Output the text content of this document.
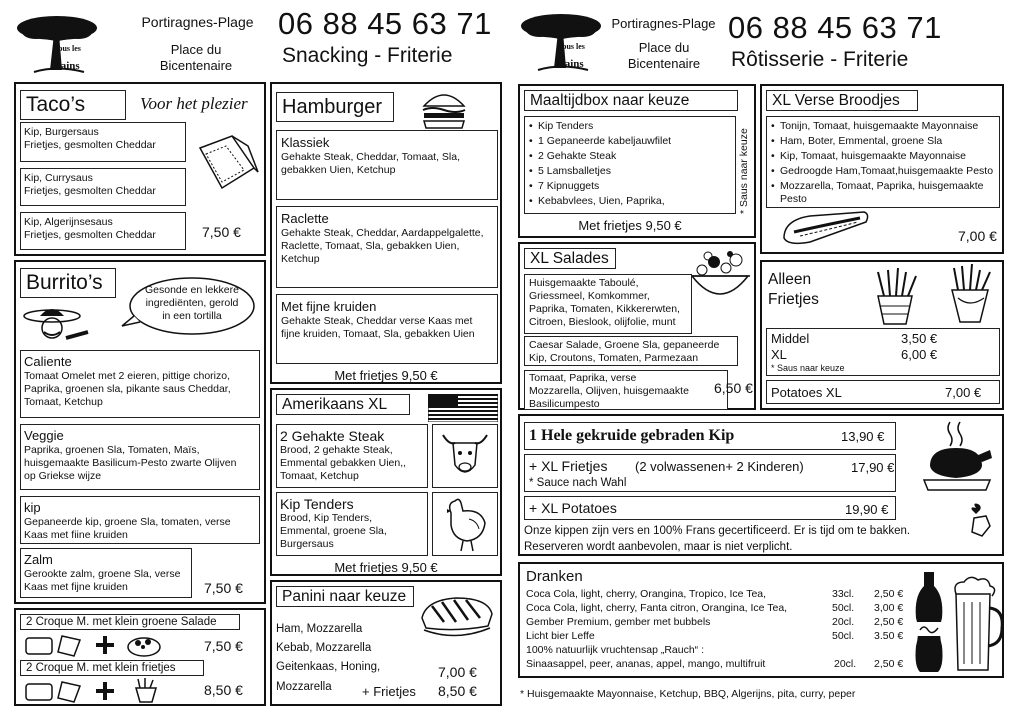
Sous les
Pains
Portiragnes-Plage
Place du
Bicentenaire
06 88 45 63 71
Snacking - Friterie	Sous les
Pains
Portiragnes-Plage
Place du
Bicentenaire
06 88 45 63 71
Rôtisserie - Friterie
Taco’s	Voor het plezier
Kip, Burgersaus
Frietjes, gesmolten Cheddar
Kip, Currysaus
Frietjes, gesmolten Cheddar
Kip, Algerijnsesaus
Frietjes, gesmolten Cheddar	7,50 €
Burrito’s	Gesonde en lekkere
ingrediënten, gerold
in een tortilla
Caliente
Tomaat Omelet met 2 eieren, pittige chorizo,
Paprika, groenen sla, pikante saus Cheddar,
Tomaat, Ketchup
Veggie
Paprika, groenen Sla, Tomaten, Maïs,
huisgemaakte Basilicum-Pesto zwarte Olijven
op Griekse wijze
kip
Gepaneerde kip, groene Sla, tomaten, verse
Kaas met fiine kruiden
Zalm
Gerookte zalm, groene Sla, verse
Kaas met fijne kruiden	7,50 €
2 Croque M. met klein groene Salade
7,50 €
2 Croque M. met klein frietjes
8,50 €
Hamburger
Klassiek
Gehakte Steak, Cheddar, Tomaat, Sla,
gebakken Uien, Ketchup
Raclette
Gehakte Steak, Cheddar, Aardappelgalette,
Raclette, Tomaat, Sla, gebakken Uien,
Ketchup
Met fijne kruiden
Gehakte Steak, Cheddar verse Kaas met
fijne kruiden, Tomaat, Sla, gebakken Uien
Met frietjes 9,50 €
Amerikaans XL
2 Gehakte Steak
Brood, 2 gehakte Steak,
Emmental gebakken Uien,,
Tomaat, Ketchup
Kip Tenders
Brood, Kip Tenders,
Emmental, groene Sla,
Burgersaus
Met frietjes 9,50 €
Panini naar keuze
Ham, Mozzarella
Kebab, Mozzarella
Geitenkaas, Honing,
Mozzarella
7,00 €
+ Frietjes 8,50 €
Maaltijdbox naar keuze
• Kip Tenders
• 1 Gepaneerde kabeljauwfilet
• 2 Gehakte Steak
• 5 Lamsballetjes
• 7 Kipnuggets
• Kebabvlees, Uien, Paprika,	* Saus naar keuze
Met frietjes 9,50 €
XL Verse Broodjes
• Tonijn, Tomaat, huisgemaakte Mayonnaise
• Ham, Boter, Emmental, groene Sla
• Kip, Tomaat, huisgemaakte Mayonnaise
• Gedroogde Ham,Tomaat,huisgemaakte Pesto
• Mozzarella, Tomaat, Paprika, huisgemaakte
Pesto
7,00 €
XL Salades
Huisgemaakte Taboulé,
Griessmeel, Komkommer,
Paprika, Tomaten, Kikkererwten,
Citroen, Bieslook, olijfolie, munt
Caesar Salade, Groene Sla, gepaneerde
Kip, Croutons, Tomaten, Parmezaan
Tomaat, Paprika, verse
Mozzarella, Olijven, huisgemaakte
Basilicumpesto
6,50 €
Alleen
Frietjes
Middel	3,50 €
XL	6,00 €
* Saus naar keuze
Potatoes XL	7,00 €
1 Hele gekruide gebraden Kip	13,90 €
+ XL Frietjes (2 volwassenen+ 2 Kinderen)
* Sauce nach Wahl
17,90 €
+ XL Potatoes	19,90 €
Onze kippen zijn vers en 100% Frans gecertificeerd. Er is tijd om te bakken.
Reserveren wordt aanbevolen, maar is niet verplicht.
Dranken
Coca Cola, light, cherry, Orangina, Tropico, Ice Tea,	33cl. 2,50 €
Coca Cola, light, cherry, Fanta citron, Orangina, Ice Tea,	50cl. 3,00 €
Gember Premium, gember met bubbels	20cl. 2,50 €
Licht bier Leffe	50cl. 3.50 €
100% natuurlijk vruchtensap „Rauch“ :
Sinaasappel, peer, ananas, appel, mango, multifruit	20cl. 2,50 €
* Huisgemaakte Mayonnaise, Ketchup, BBQ, Algerijns, pita, curry, peper
